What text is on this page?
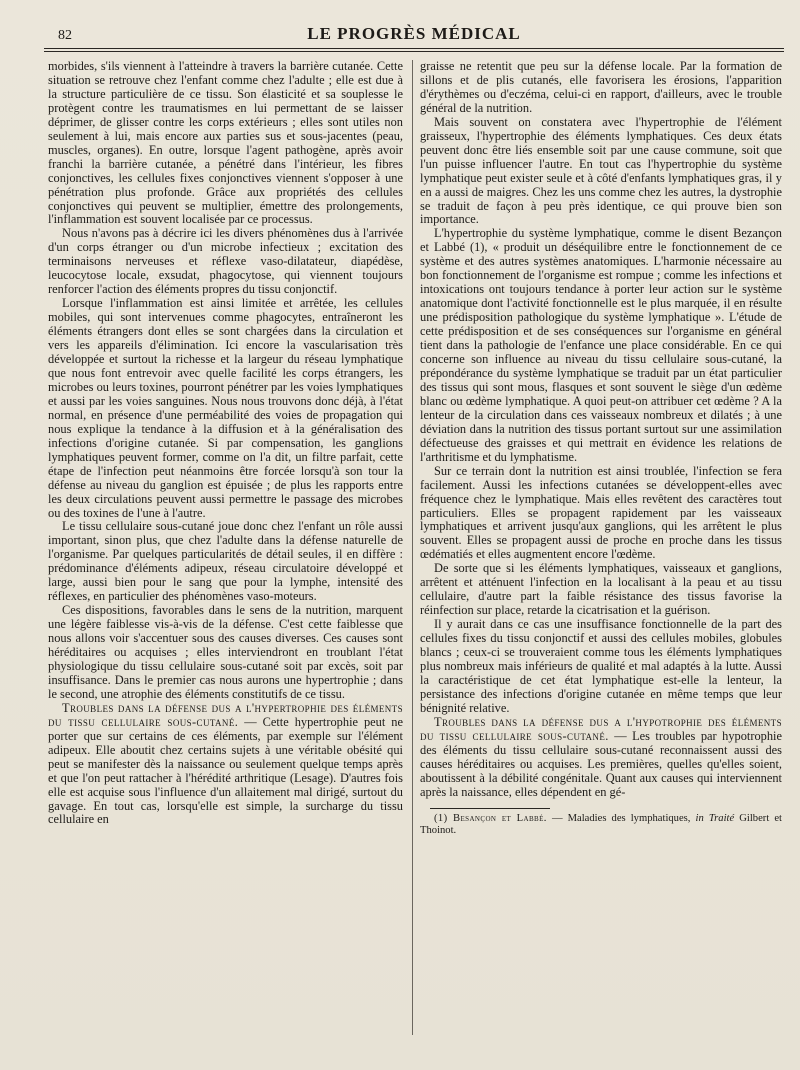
82	LE PROGRÈS MÉDICAL

morbides, s'ils viennent à l'atteindre à travers la barrière cutanée. Cette situation se retrouve chez l'enfant comme chez l'adulte ; elle est due à la structure particulière de ce tissu. Son élasticité et sa souplesse le protègent contre les traumatismes en lui permettant de se laisser déprimer, de glisser contre les corps extérieurs ; elles sont utiles non seulement à lui, mais encore aux parties sus et sous-jacentes (peau, muscles, organes). En outre, lorsque l'agent pathogène, après avoir franchi la barrière cutanée, a pénétré dans l'intérieur, les fibres conjonctives, les cellules fixes conjonctives viennent s'opposer à une pénétration plus profonde. Grâce aux propriétés des cellules conjonctives qui peuvent se multiplier, émettre des prolongements, l'inflammation est souvent localisée par ce processus.

Nous n'avons pas à décrire ici les divers phénomènes dus à l'arrivée d'un corps étranger ou d'un microbe infectieux ; excitation des terminaisons nerveuses et réflexe vaso-dilatateur, diapédèse, leucocytose locale, exsudat, phagocytose, qui viennent toujours renforcer l'action des éléments propres du tissu conjonctif.

Lorsque l'inflammation est ainsi limitée et arrêtée, les cellules mobiles, qui sont intervenues comme phagocytes, entraîneront les éléments étrangers dont elles se sont chargées dans la circulation et vers les appareils d'élimination. Ici encore la vascularisation très développée et surtout la richesse et la largeur du réseau lymphatique que nous font entrevoir avec quelle facilité les corps étrangers, les microbes ou leurs toxines, pourront pénétrer par les voies lymphatiques et aussi par les voies sanguines. Nous nous trouvons donc déjà, à l'état normal, en présence d'une perméabilité des voies de propagation qui nous explique la tendance à la diffusion et à la généralisation des infections d'origine cutanée. Si par compensation, les ganglions lymphatiques peuvent former, comme on l'a dit, un filtre parfait, cette étape de l'infection peut néanmoins être forcée lorsqu'à son tour la défense au niveau du ganglion est épuisée ; de plus les rapports entre les deux circulations peuvent aussi permettre le passage des microbes ou des toxines de l'une à l'autre.

Le tissu cellulaire sous-cutané joue donc chez l'enfant un rôle aussi important, sinon plus, que chez l'adulte dans la défense naturelle de l'organisme. Par quelques particularités de détail seules, il en diffère : prédominance d'éléments adipeux, réseau circulatoire développé et large, aussi bien pour le sang que pour la lymphe, intensité des réflexes, en particulier des phénomènes vaso-moteurs.

Ces dispositions, favorables dans le sens de la nutrition, marquent une légère faiblesse vis-à-vis de la défense. C'est cette faiblesse que nous allons voir s'accentuer sous des causes diverses. Ces causes sont héréditaires ou acquises ; elles interviendront en troublant l'état physiologique du tissu cellulaire sous-cutané soit par excès, soit par insuffisance. Dans le premier cas nous aurons une hypertrophie ; dans le second, une atrophie des éléments constitutifs de ce tissu.

Troubles dans la défense dus a l'hypertrophie des éléments du tissu cellulaire sous-cutané. — Cette hypertrophie peut ne porter que sur certains de ces éléments, par exemple sur l'élément adipeux. Elle aboutit chez certains sujets à une véritable obésité qui peut se manifester dès la naissance ou seulement quelque temps après et que l'on peut rattacher à l'hérédité arthritique (Lesage). D'autres fois elle est acquise sous l'influence d'un allaitement mal dirigé, surtout du gavage. En tout cas, lorsqu'elle est simple, la surcharge du tissu cellulaire en

graisse ne retentit que peu sur la défense locale. Par la formation de sillons et de plis cutanés, elle favorisera les érosions, l'apparition d'érythèmes ou d'eczéma, celui-ci en rapport, d'ailleurs, avec le trouble général de la nutrition.

Mais souvent on constatera avec l'hypertrophie de l'élément graisseux, l'hypertrophie des éléments lymphatiques. Ces deux états peuvent donc être liés ensemble soit par une cause commune, soit que l'un puisse influencer l'autre. En tout cas l'hypertrophie du système lymphatique peut exister seule et à côté d'enfants lymphatiques gras, il y en a aussi de maigres. Chez les uns comme chez les autres, la dystrophie se traduit de façon à peu près identique, ce qui prouve bien son importance.

L'hypertrophie du système lymphatique, comme le disent Bezançon et Labbé (1), « produit un déséquilibre entre le fonctionnement de ce système et des autres systèmes anatomiques. L'harmonie nécessaire au bon fonctionnement de l'organisme est rompue ; comme les infections et intoxications ont toujours tendance à porter leur action sur le système anatomique dont l'activité fonctionnelle est le plus marquée, il en résulte une prédisposition pathologique du système lymphatique ». L'étude de cette prédisposition et de ses conséquences sur l'organisme en général tient dans la pathologie de l'enfance une place considérable. En ce qui concerne son influence au niveau du tissu cellulaire sous-cutané, la prépondérance du système lymphatique se traduit par un état particulier des tissus qui sont mous, flasques et sont souvent le siège d'un œdème blanc ou œdème lymphatique. A quoi peut-on attribuer cet œdème ? A la lenteur de la circulation dans ces vaisseaux nombreux et dilatés ; à une déviation dans la nutrition des tissus portant surtout sur une assimilation défectueuse des graisses et qui mettrait en évidence les relations de l'arthritisme et du lymphatisme.

Sur ce terrain dont la nutrition est ainsi troublée, l'infection se fera facilement. Aussi les infections cutanées se développent-elles avec fréquence chez le lymphatique. Mais elles revêtent des caractères tout particuliers. Elles se propagent rapidement par les vaisseaux lymphatiques et arrivent jusqu'aux ganglions, qui les arrêtent le plus souvent. Elles se propagent aussi de proche en proche dans les tissus œdématiés et elles augmentent encore l'œdème.

De sorte que si les éléments lymphatiques, vaisseaux et ganglions, arrêtent et atténuent l'infection en la localisant à la peau et au tissu cellulaire, d'autre part la faible résistance des tissus favorise la réinfection sur place, retarde la cicatrisation et la guérison.

Il y aurait dans ce cas une insuffisance fonctionnelle de la part des cellules fixes du tissu conjonctif et aussi des cellules mobiles, globules blancs ; ceux-ci se trouveraient comme tous les éléments lymphatiques plus nombreux mais inférieurs de qualité et mal adaptés à la lutte. Aussi la caractéristique de cet état lymphatique est-elle la lenteur, la persistance des infections d'origine cutanée en même temps que leur bénignité relative.

Troubles dans la défense dus a l'hypotrophie des éléments du tissu cellulaire sous-cutané. — Les troubles par hypotrophie des éléments du tissu cellulaire sous-cutané reconnaissent aussi des causes héréditaires ou acquises. Les premières, quelles qu'elles soient, aboutissent à la débilité congénitale. Quant aux causes qui interviennent après la naissance, elles dépendent en gé-

(1) Besançon et Labbé. — Maladies des lymphatiques, in Traité Gilbert et Thoinot.
